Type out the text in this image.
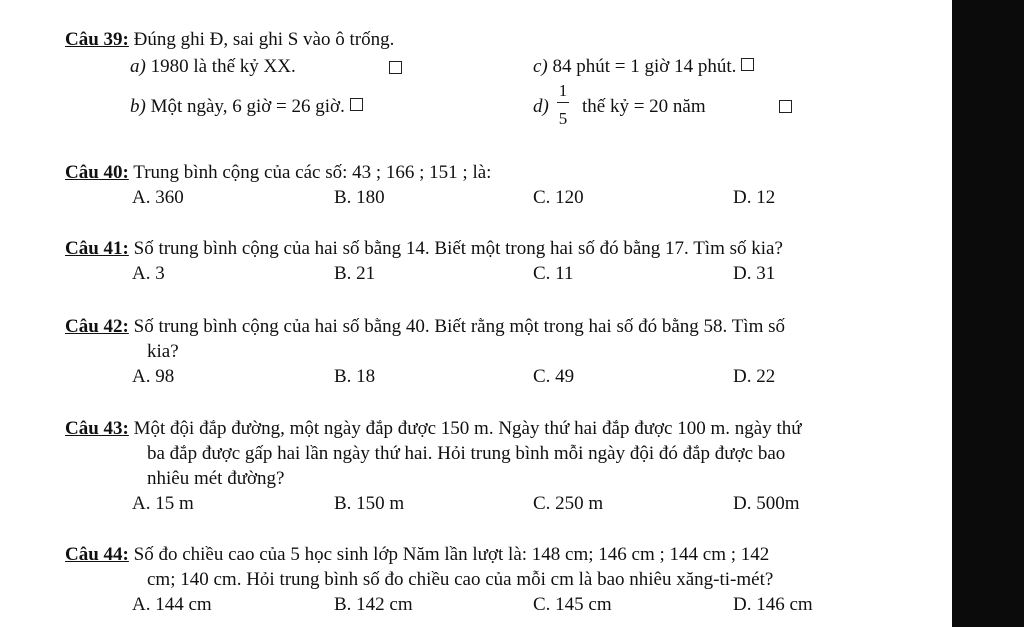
Câu 39: Đúng ghi Đ, sai ghi S vào ô trống.
a) 1980 là thế kỷ XX.	c) 84 phút = 1 giờ 14 phút.
b) Một ngày, 6 giờ = 26 giờ.	d)
1
5
thế kỷ = 20 năm
Câu 40: Trung bình cộng của các số: 43 ; 166 ; 151 ; là:
A. 360	B. 180	C. 120	D. 12
Câu 41: Số trung bình cộng của hai số bằng 14. Biết một trong hai số đó bằng 17. Tìm số kia?
A. 3	B. 21	C. 11	D. 31
Câu 42: Số trung bình cộng của hai số bằng 40. Biết rằng một trong hai số đó bằng 58. Tìm số
kia?
A. 98	B. 18	C. 49	D. 22
Câu 43: Một đội đắp đường, một ngày đắp được 150 m. Ngày thứ hai đắp được 100 m. ngày thứ
ba đắp được gấp hai lần ngày thứ hai. Hỏi trung bình mỗi ngày đội đó đắp được bao
nhiêu mét đường?
A. 15 m	B. 150 m	C. 250 m	D. 500m
Câu 44: Số đo chiều cao của 5 học sinh lớp Năm lần lượt là: 148 cm; 146 cm ; 144 cm ; 142
cm; 140 cm. Hỏi trung bình số đo chiều cao của mỗi cm là bao nhiêu xăng-ti-mét?
A. 144 cm	B. 142 cm	C. 145 cm	D. 146 cm
